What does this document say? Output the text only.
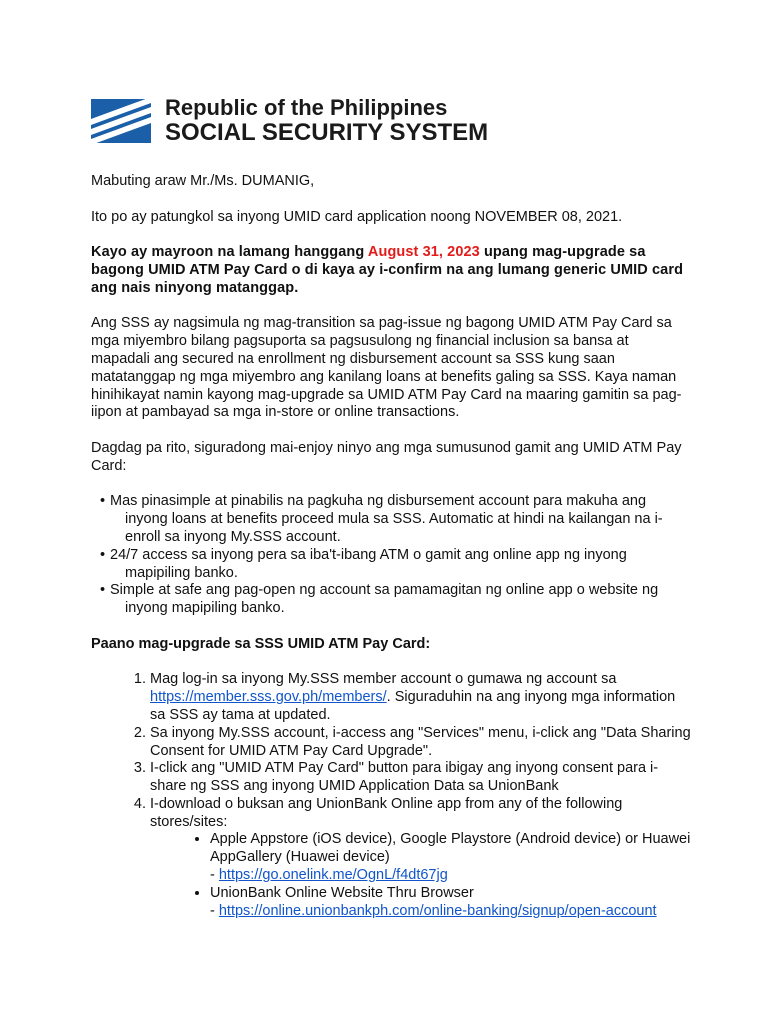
Republic of the Philippines
SOCIAL SECURITY SYSTEM

Mabuting araw Mr./Ms. DUMANIG,

Ito po ay patungkol sa inyong UMID card application noong NOVEMBER 08, 2021.

Kayo ay mayroon na lamang hanggang August 31, 2023 upang mag-upgrade sa bagong UMID ATM Pay Card o di kaya ay i-confirm na ang lumang generic UMID card ang nais ninyong matanggap.

Ang SSS ay nagsimula ng mag-transition sa pag-issue ng bagong UMID ATM Pay Card sa mga miyembro bilang pagsuporta sa pagsusulong ng financial inclusion sa bansa at mapadali ang secured na enrollment ng disbursement account sa SSS kung saan matatanggap ng mga miyembro ang kanilang loans at benefits galing sa SSS. Kaya naman hinihikayat namin kayong mag-upgrade sa UMID ATM Pay Card na maaring gamitin sa pag-iipon at pambayad sa mga in-store or online transactions.

Dagdag pa rito, siguradong mai-enjoy ninyo ang mga sumusunod gamit ang UMID ATM Pay Card:

• Mas pinasimple at pinabilis na pagkuha ng disbursement account para makuha ang inyong loans at benefits proceed mula sa SSS. Automatic at hindi na kailangan na i-enroll sa inyong My.SSS account.
• 24/7 access sa inyong pera sa iba't-ibang ATM o gamit ang online app ng inyong mapipiling banko.
• Simple at safe ang pag-open ng account sa pamamagitan ng online app o website ng inyong mapipiling banko.
Paano mag-upgrade sa SSS UMID ATM Pay Card:
1. Mag log-in sa inyong My.SSS member account o gumawa ng account sa https://member.sss.gov.ph/members/. Siguraduhin na ang inyong mga information sa SSS ay tama at updated.
2. Sa inyong My.SSS account, i-access ang "Services" menu, i-click ang "Data Sharing Consent for UMID ATM Pay Card Upgrade".
3. I-click ang "UMID ATM Pay Card" button para ibigay ang inyong consent para i-share ng SSS ang inyong UMID Application Data sa UnionBank
4. I-download o buksan ang UnionBank Online app from any of the following stores/sites:
• Apple Appstore (iOS device), Google Playstore (Android device) or Huawei AppGallery (Huawei device)
- https://go.onelink.me/OgnL/f4dt67jg
• UnionBank Online Website Thru Browser
- https://online.unionbankph.com/online-banking/signup/open-account
